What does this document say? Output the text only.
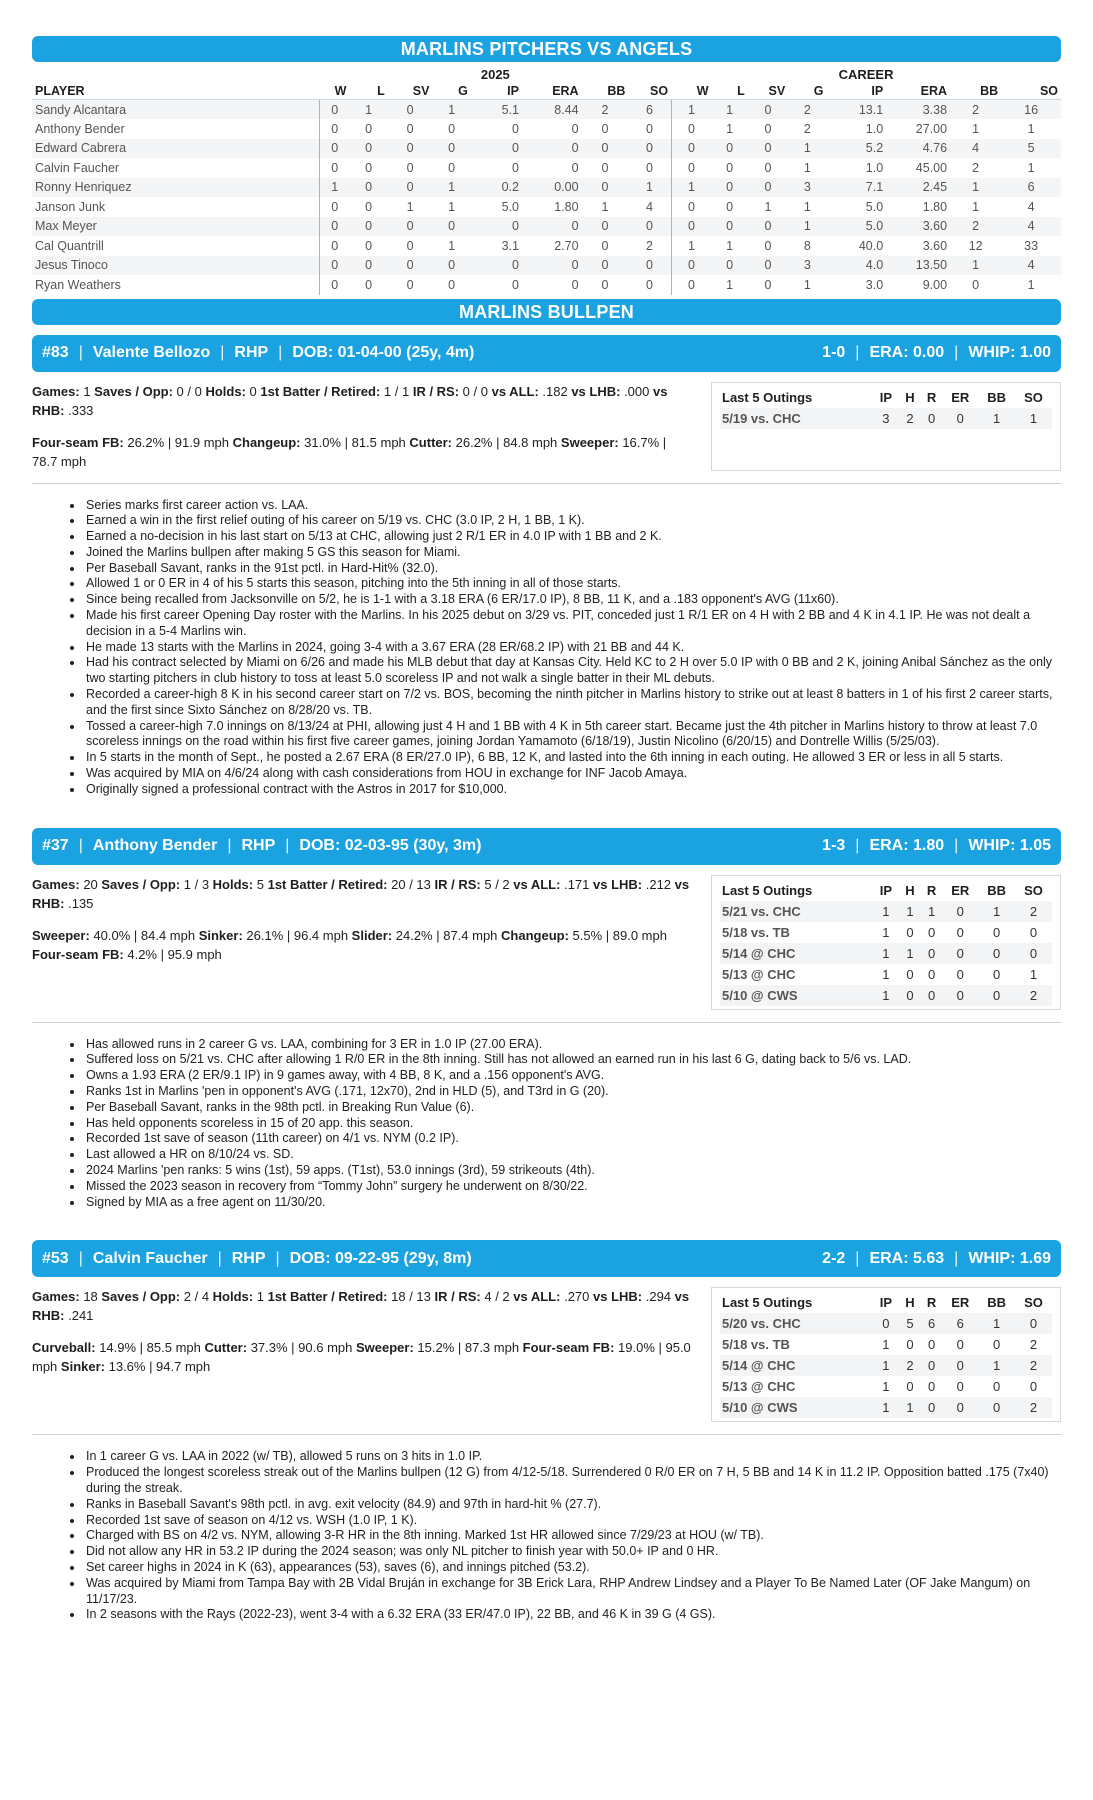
MARLINS PITCHERS VS ANGELS
	2025								CAREER							
PLAYER	W	L	SV	G	IP	ERA	BB	SO	W	L	SV	G	IP	ERA	BB	SO
Sandy Alcantara	0	1	0	1	5.1	8.44	2	6	1	1	0	2	13.1	3.38	2	16
Anthony Bender	0	0	0	0	0	0	0	0	0	1	0	2	1.0	27.00	1	1
Edward Cabrera	0	0	0	0	0	0	0	0	0	0	0	1	5.2	4.76	4	5
Calvin Faucher	0	0	0	0	0	0	0	0	0	0	0	1	1.0	45.00	2	1
Ronny Henriquez	1	0	0	1	0.2	0.00	0	1	1	0	0	3	7.1	2.45	1	6
Janson Junk	0	0	1	1	5.0	1.80	1	4	0	0	1	1	5.0	1.80	1	4
Max Meyer	0	0	0	0	0	0	0	0	0	0	0	1	5.0	3.60	2	4
Cal Quantrill	0	0	0	1	3.1	2.70	0	2	1	1	0	8	40.0	3.60	12	33
Jesus Tinoco	0	0	0	0	0	0	0	0	0	0	0	3	4.0	13.50	1	4
Ryan Weathers	0	0	0	0	0	0	0	0	0	1	0	1	3.0	9.00	0	1
MARLINS BULLPEN
#83 | Valente Bellozo | RHP | DOB: 01-04-00 (25y, 4m)	1-0 | ERA: 0.00 | WHIP: 1.00
Games: 1 Saves / Opp: 0 / 0 Holds: 0 1st Batter / Retired: 1 / 1 IR / RS: 0 / 0 vs ALL: .182 vs LHB: .000 vs RHB: .333
Four-seam FB: 26.2% | 91.9 mph Changeup: 31.0% | 81.5 mph Cutter: 26.2% | 84.8 mph Sweeper: 16.7% | 78.7 mph
Last 5 Outings	IP	H	R	ER	BB	SO
5/19 vs. CHC	3	2	0	0	1	1
• Series marks first career action vs. LAA.
• Earned a win in the first relief outing of his career on 5/19 vs. CHC (3.0 IP, 2 H, 1 BB, 1 K).
• Earned a no-decision in his last start on 5/13 at CHC, allowing just 2 R/1 ER in 4.0 IP with 1 BB and 2 K.
• Joined the Marlins bullpen after making 5 GS this season for Miami.
• Per Baseball Savant, ranks in the 91st pctl. in Hard-Hit% (32.0).
• Allowed 1 or 0 ER in 4 of his 5 starts this season, pitching into the 5th inning in all of those starts.
• Since being recalled from Jacksonville on 5/2, he is 1-1 with a 3.18 ERA (6 ER/17.0 IP), 8 BB, 11 K, and a .183 opponent's AVG (11x60).
• Made his first career Opening Day roster with the Marlins. In his 2025 debut on 3/29 vs. PIT, conceded just 1 R/1 ER on 4 H with 2 BB and 4 K in 4.1 IP. He was not dealt a decision in a 5-4 Marlins win.
• He made 13 starts with the Marlins in 2024, going 3-4 with a 3.67 ERA (28 ER/68.2 IP) with 21 BB and 44 K.
• Had his contract selected by Miami on 6/26 and made his MLB debut that day at Kansas City. Held KC to 2 H over 5.0 IP with 0 BB and 2 K, joining Anibal Sánchez as the only two starting pitchers in club history to toss at least 5.0 scoreless IP and not walk a single batter in their ML debuts.
• Recorded a career-high 8 K in his second career start on 7/2 vs. BOS, becoming the ninth pitcher in Marlins history to strike out at least 8 batters in 1 of his first 2 career starts, and the first since Sixto Sánchez on 8/28/20 vs. TB.
• Tossed a career-high 7.0 innings on 8/13/24 at PHI, allowing just 4 H and 1 BB with 4 K in 5th career start. Became just the 4th pitcher in Marlins history to throw at least 7.0 scoreless innings on the road within his first five career games, joining Jordan Yamamoto (6/18/19), Justin Nicolino (6/20/15) and Dontrelle Willis (5/25/03).
• In 5 starts in the month of Sept., he posted a 2.67 ERA (8 ER/27.0 IP), 6 BB, 12 K, and lasted into the 6th inning in each outing. He allowed 3 ER or less in all 5 starts.
• Was acquired by MIA on 4/6/24 along with cash considerations from HOU in exchange for INF Jacob Amaya.
• Originally signed a professional contract with the Astros in 2017 for $10,000.
#37 | Anthony Bender | RHP | DOB: 02-03-95 (30y, 3m)	1-3 | ERA: 1.80 | WHIP: 1.05
Games: 20 Saves / Opp: 1 / 3 Holds: 5 1st Batter / Retired: 20 / 13 IR / RS: 5 / 2 vs ALL: .171 vs LHB: .212 vs RHB: .135
Sweeper: 40.0% | 84.4 mph Sinker: 26.1% | 96.4 mph Slider: 24.2% | 87.4 mph Changeup: 5.5% | 89.0 mph Four-seam FB: 4.2% | 95.9 mph
Last 5 Outings	IP	H	R	ER	BB	SO
5/21 vs. CHC	1	1	1	0	1	2
5/18 vs. TB	1	0	0	0	0	0
5/14 @ CHC	1	1	0	0	0	0
5/13 @ CHC	1	0	0	0	0	1
5/10 @ CWS	1	0	0	0	0	2
• Has allowed runs in 2 career G vs. LAA, combining for 3 ER in 1.0 IP (27.00 ERA).
• Suffered loss on 5/21 vs. CHC after allowing 1 R/0 ER in the 8th inning. Still has not allowed an earned run in his last 6 G, dating back to 5/6 vs. LAD.
• Owns a 1.93 ERA (2 ER/9.1 IP) in 9 games away, with 4 BB, 8 K, and a .156 opponent's AVG.
• Ranks 1st in Marlins 'pen in opponent's AVG (.171, 12x70), 2nd in HLD (5), and T3rd in G (20).
• Per Baseball Savant, ranks in the 98th pctl. in Breaking Run Value (6).
• Has held opponents scoreless in 15 of 20 app. this season.
• Recorded 1st save of season (11th career) on 4/1 vs. NYM (0.2 IP).
• Last allowed a HR on 8/10/24 vs. SD.
• 2024 Marlins 'pen ranks: 5 wins (1st), 59 apps. (T1st), 53.0 innings (3rd), 59 strikeouts (4th).
• Missed the 2023 season in recovery from “Tommy John” surgery he underwent on 8/30/22.
• Signed by MIA as a free agent on 11/30/20.
#53 | Calvin Faucher | RHP | DOB: 09-22-95 (29y, 8m)	2-2 | ERA: 5.63 | WHIP: 1.69
Games: 18 Saves / Opp: 2 / 4 Holds: 1 1st Batter / Retired: 18 / 13 IR / RS: 4 / 2 vs ALL: .270 vs LHB: .294 vs RHB: .241
Curveball: 14.9% | 85.5 mph Cutter: 37.3% | 90.6 mph Sweeper: 15.2% | 87.3 mph Four-seam FB: 19.0% | 95.0 mph Sinker: 13.6% | 94.7 mph
Last 5 Outings	IP	H	R	ER	BB	SO
5/20 vs. CHC	0	5	6	6	1	0
5/18 vs. TB	1	0	0	0	0	2
5/14 @ CHC	1	2	0	0	1	2
5/13 @ CHC	1	0	0	0	0	0
5/10 @ CWS	1	1	0	0	0	2
• In 1 career G vs. LAA in 2022 (w/ TB), allowed 5 runs on 3 hits in 1.0 IP.
• Produced the longest scoreless streak out of the Marlins bullpen (12 G) from 4/12-5/18. Surrendered 0 R/0 ER on 7 H, 5 BB and 14 K in 11.2 IP. Opposition batted .175 (7x40) during the streak.
• Ranks in Baseball Savant's 98th pctl. in avg. exit velocity (84.9) and 97th in hard-hit % (27.7).
• Recorded 1st save of season on 4/12 vs. WSH (1.0 IP, 1 K).
• Charged with BS on 4/2 vs. NYM, allowing 3-R HR in the 8th inning. Marked 1st HR allowed since 7/29/23 at HOU (w/ TB).
• Did not allow any HR in 53.2 IP during the 2024 season; was only NL pitcher to finish year with 50.0+ IP and 0 HR.
• Set career highs in 2024 in K (63), appearances (53), saves (6), and innings pitched (53.2).
• Was acquired by Miami from Tampa Bay with 2B Vidal Bruján in exchange for 3B Erick Lara, RHP Andrew Lindsey and a Player To Be Named Later (OF Jake Mangum) on 11/17/23.
• In 2 seasons with the Rays (2022-23), went 3-4 with a 6.32 ERA (33 ER/47.0 IP), 22 BB, and 46 K in 39 G (4 GS).
